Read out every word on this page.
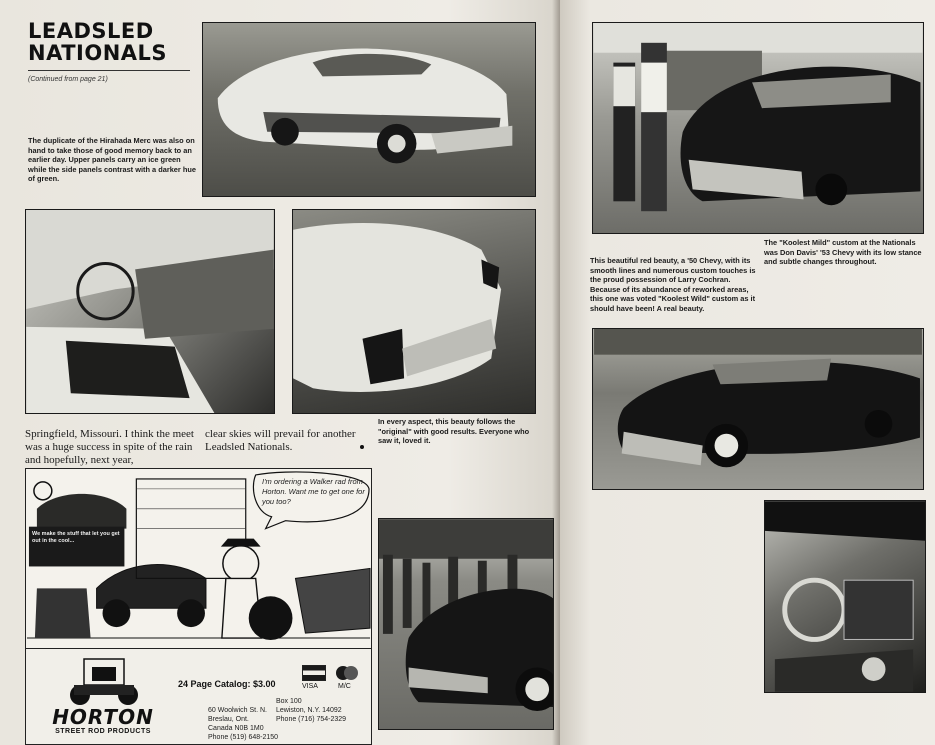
LEADSLED
NATIONALS
(Continued from page 21)
The duplicate of the Hirahada Merc was also on hand to take those of good memory back to an earlier day. Upper panels carry an ice green while the side panels contrast with a darker hue of green.
Springfield, Missouri. I think the meet was a huge success in spite of the rain and hopefully, next year,
clear skies will prevail for another Leadsled Nationals.
In every aspect, this beauty follows the "original" with good results. Everyone who saw it, loved it.
I'm ordering a Walker rad from Horton. Want me to get one for you too?
We make the stuff that let you get out in the cool...
HORTON
STREET ROD PRODUCTS
24 Page Catalog: $3.00	VISA	M/C
60 Woolwich St. N.
Breslau, Ont.
Canada N0B 1M0
Phone (519) 648-2150
Box 100
Lewiston, N.Y. 14092
Phone (716) 754-2329
The "Koolest Mild" custom at the Nationals was Don Davis' '53 Chevy with its low stance and subtle changes throughout.
This beautiful red beauty, a '50 Chevy, with its smooth lines and numerous custom touches is the proud possession of Larry Cochran. Because of its abundance of reworked areas, this one was voted "Koolest Wild" custom as it should have been! A real beauty.
